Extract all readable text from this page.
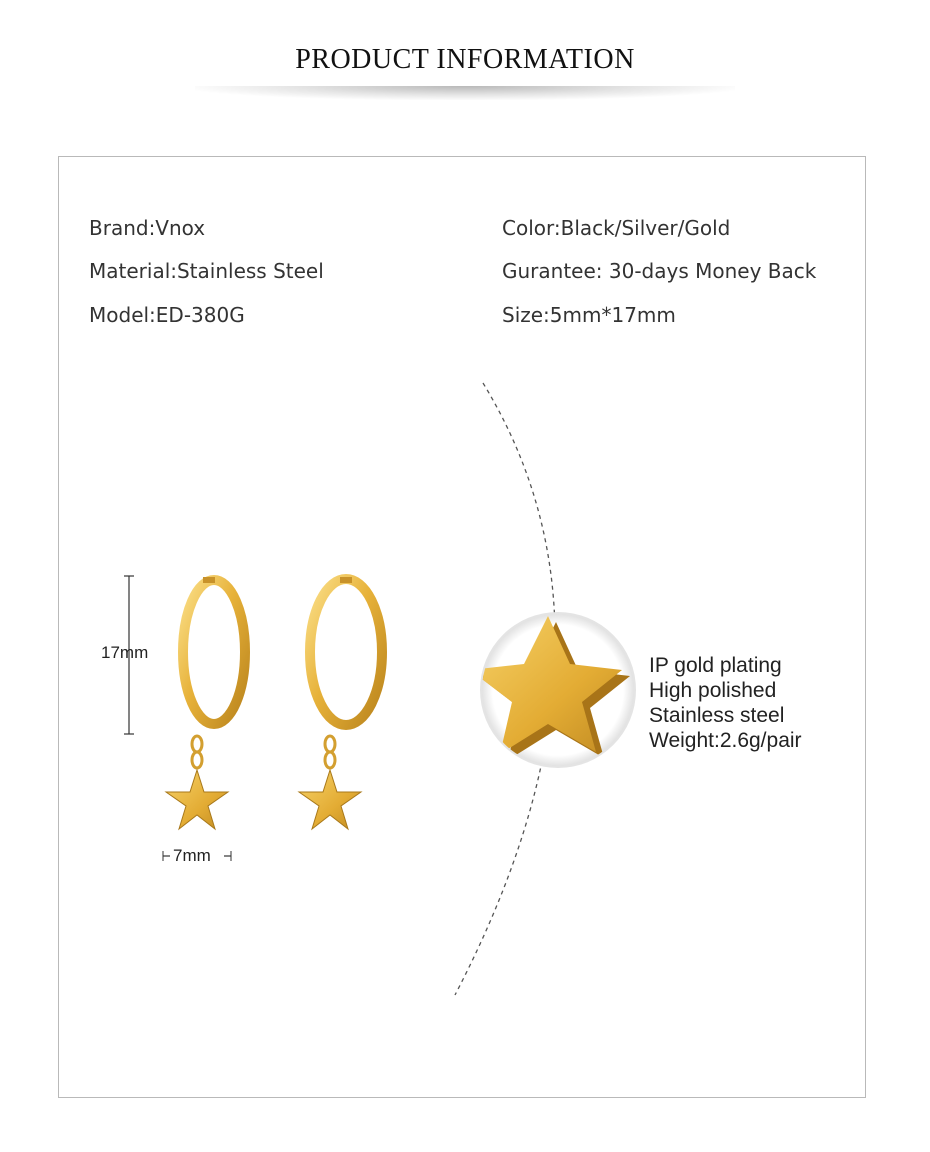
PRODUCT INFORMATION
Brand:Vnox
Material:Stainless Steel
Model:ED-380G
Color:Black/Silver/Gold
Gurantee: 30-days Money Back
Size:5mm*17mm
17mm
7mm
IP gold plating
High polished
Stainless steel
Weight:2.6g/pair
